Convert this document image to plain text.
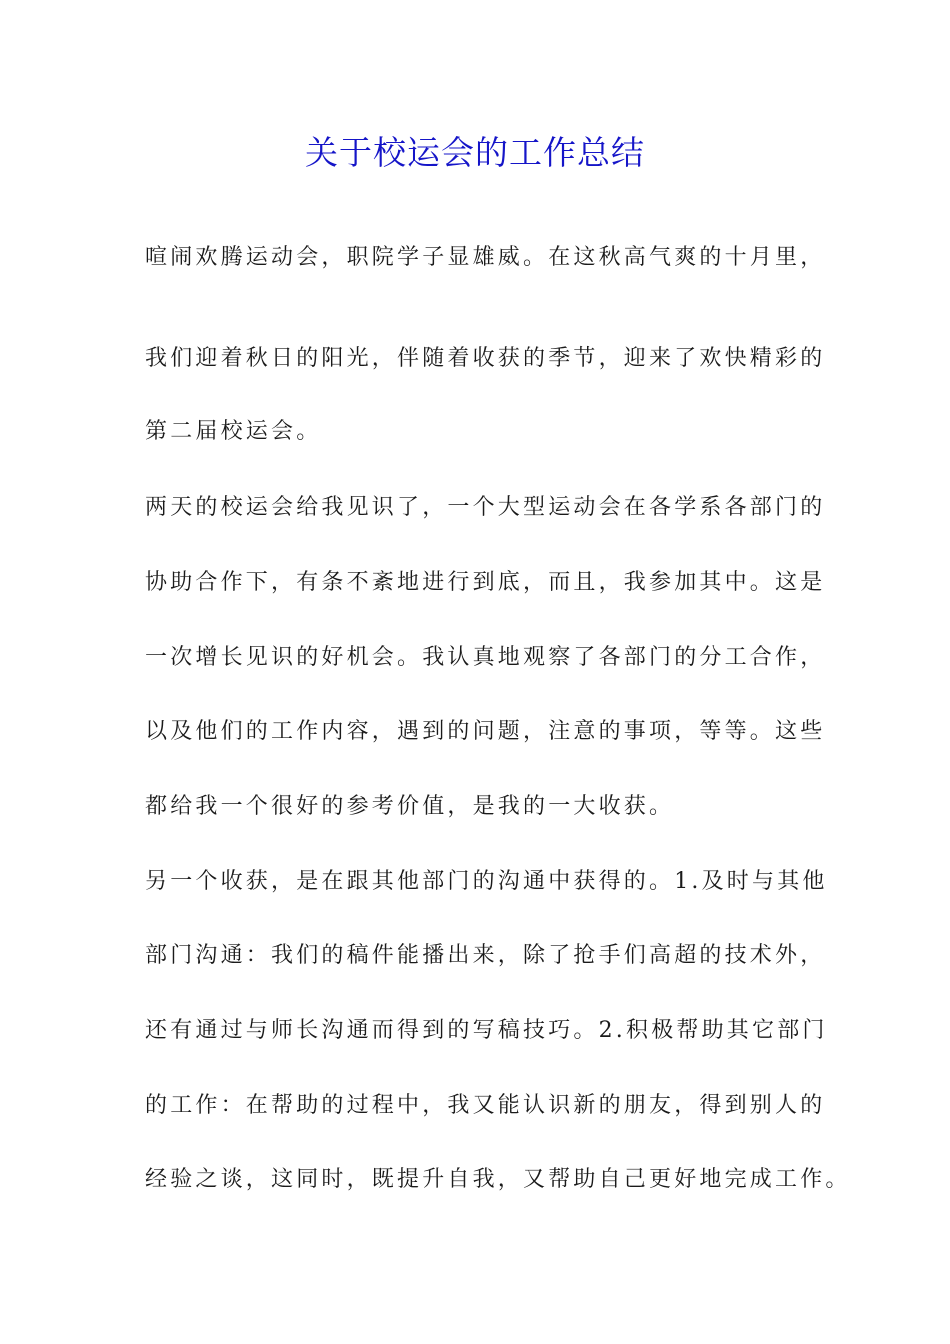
关于校运会的工作总结

喧闹欢腾运动会，职院学子显雄威。在这秋高气爽的十月里，

我们迎着秋日的阳光，伴随着收获的季节，迎来了欢快精彩的

第二届校运会。

两天的校运会给我见识了，一个大型运动会在各学系各部门的

协助合作下，有条不紊地进行到底，而且，我参加其中。这是

一次增长见识的好机会。我认真地观察了各部门的分工合作，

以及他们的工作内容，遇到的问题，注意的事项，等等。这些

都给我一个很好的参考价值，是我的一大收获。

另一个收获，是在跟其他部门的沟通中获得的。1.及时与其他

部门沟通：我们的稿件能播出来，除了抢手们高超的技术外，

还有通过与师长沟通而得到的写稿技巧。2.积极帮助其它部门

的工作：在帮助的过程中，我又能认识新的朋友，得到别人的

经验之谈，这同时，既提升自我，又帮助自己更好地完成工作。
